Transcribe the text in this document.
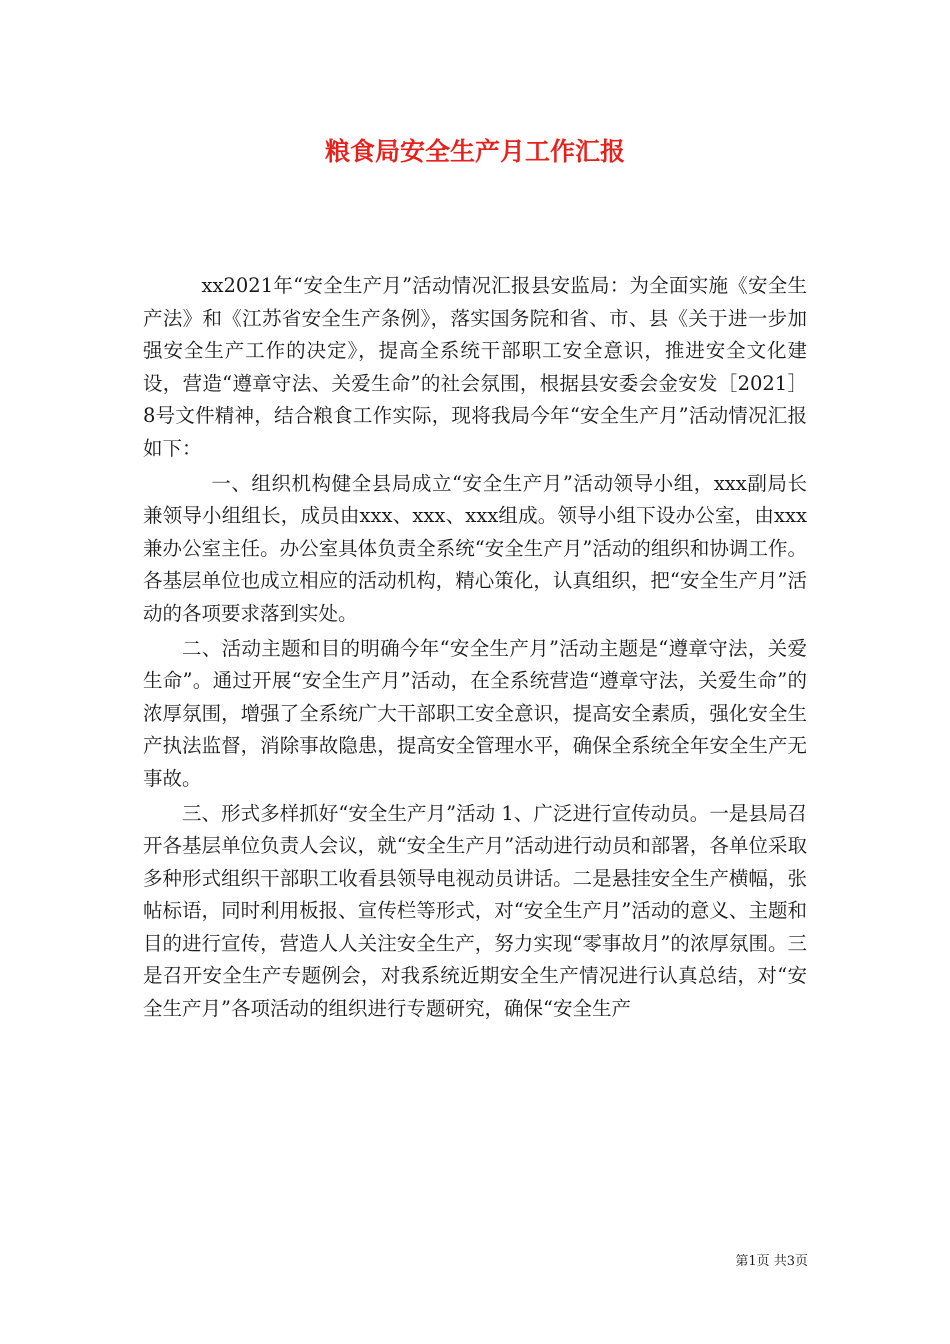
粮食局安全生产月工作汇报

xx2021年“安全生产月”活动情况汇报县安监局：为全面实施《安全生产法》和《江苏省安全生产条例》，落实国务院和省、市、县《关于进一步加强安全生产工作的决定》，提高全系统干部职工安全意识，推进安全文化建设，营造“遵章守法、关爱生命”的社会氛围，根据县安委会金安发［2021］8号文件精神，结合粮食工作实际，现将我局今年“安全生产月”活动情况汇报如下：

一、组织机构健全县局成立“安全生产月”活动领导小组，xxx副局长兼领导小组组长，成员由xxx、xxx、xxx组成。领导小组下设办公室，由xxx兼办公室主任。办公室具体负责全系统“安全生产月”活动的组织和协调工作。各基层单位也成立相应的活动机构，精心策化，认真组织，把“安全生产月”活动的各项要求落到实处。

二、活动主题和目的明确今年“安全生产月”活动主题是“遵章守法，关爱生命”。通过开展“安全生产月”活动，在全系统营造“遵章守法，关爱生命”的浓厚氛围，增强了全系统广大干部职工安全意识，提高安全素质，强化安全生产执法监督，消除事故隐患，提高安全管理水平，确保全系统全年安全生产无事故。

三、形式多样抓好“安全生产月”活动 1、广泛进行宣传动员。一是县局召开各基层单位负责人会议，就“安全生产月”活动进行动员和部署，各单位采取多种形式组织干部职工收看县领导电视动员讲话。二是悬挂安全生产横幅，张帖标语，同时利用板报、宣传栏等形式，对“安全生产月”活动的意义、主题和目的进行宣传，营造人人关注安全生产，努力实现“零事故月”的浓厚氛围。三是召开安全生产专题例会，对我系统近期安全生产情况进行认真总结，对“安全生产月”各项活动的组织进行专题研究，确保“安全生产

第1页 共3页
